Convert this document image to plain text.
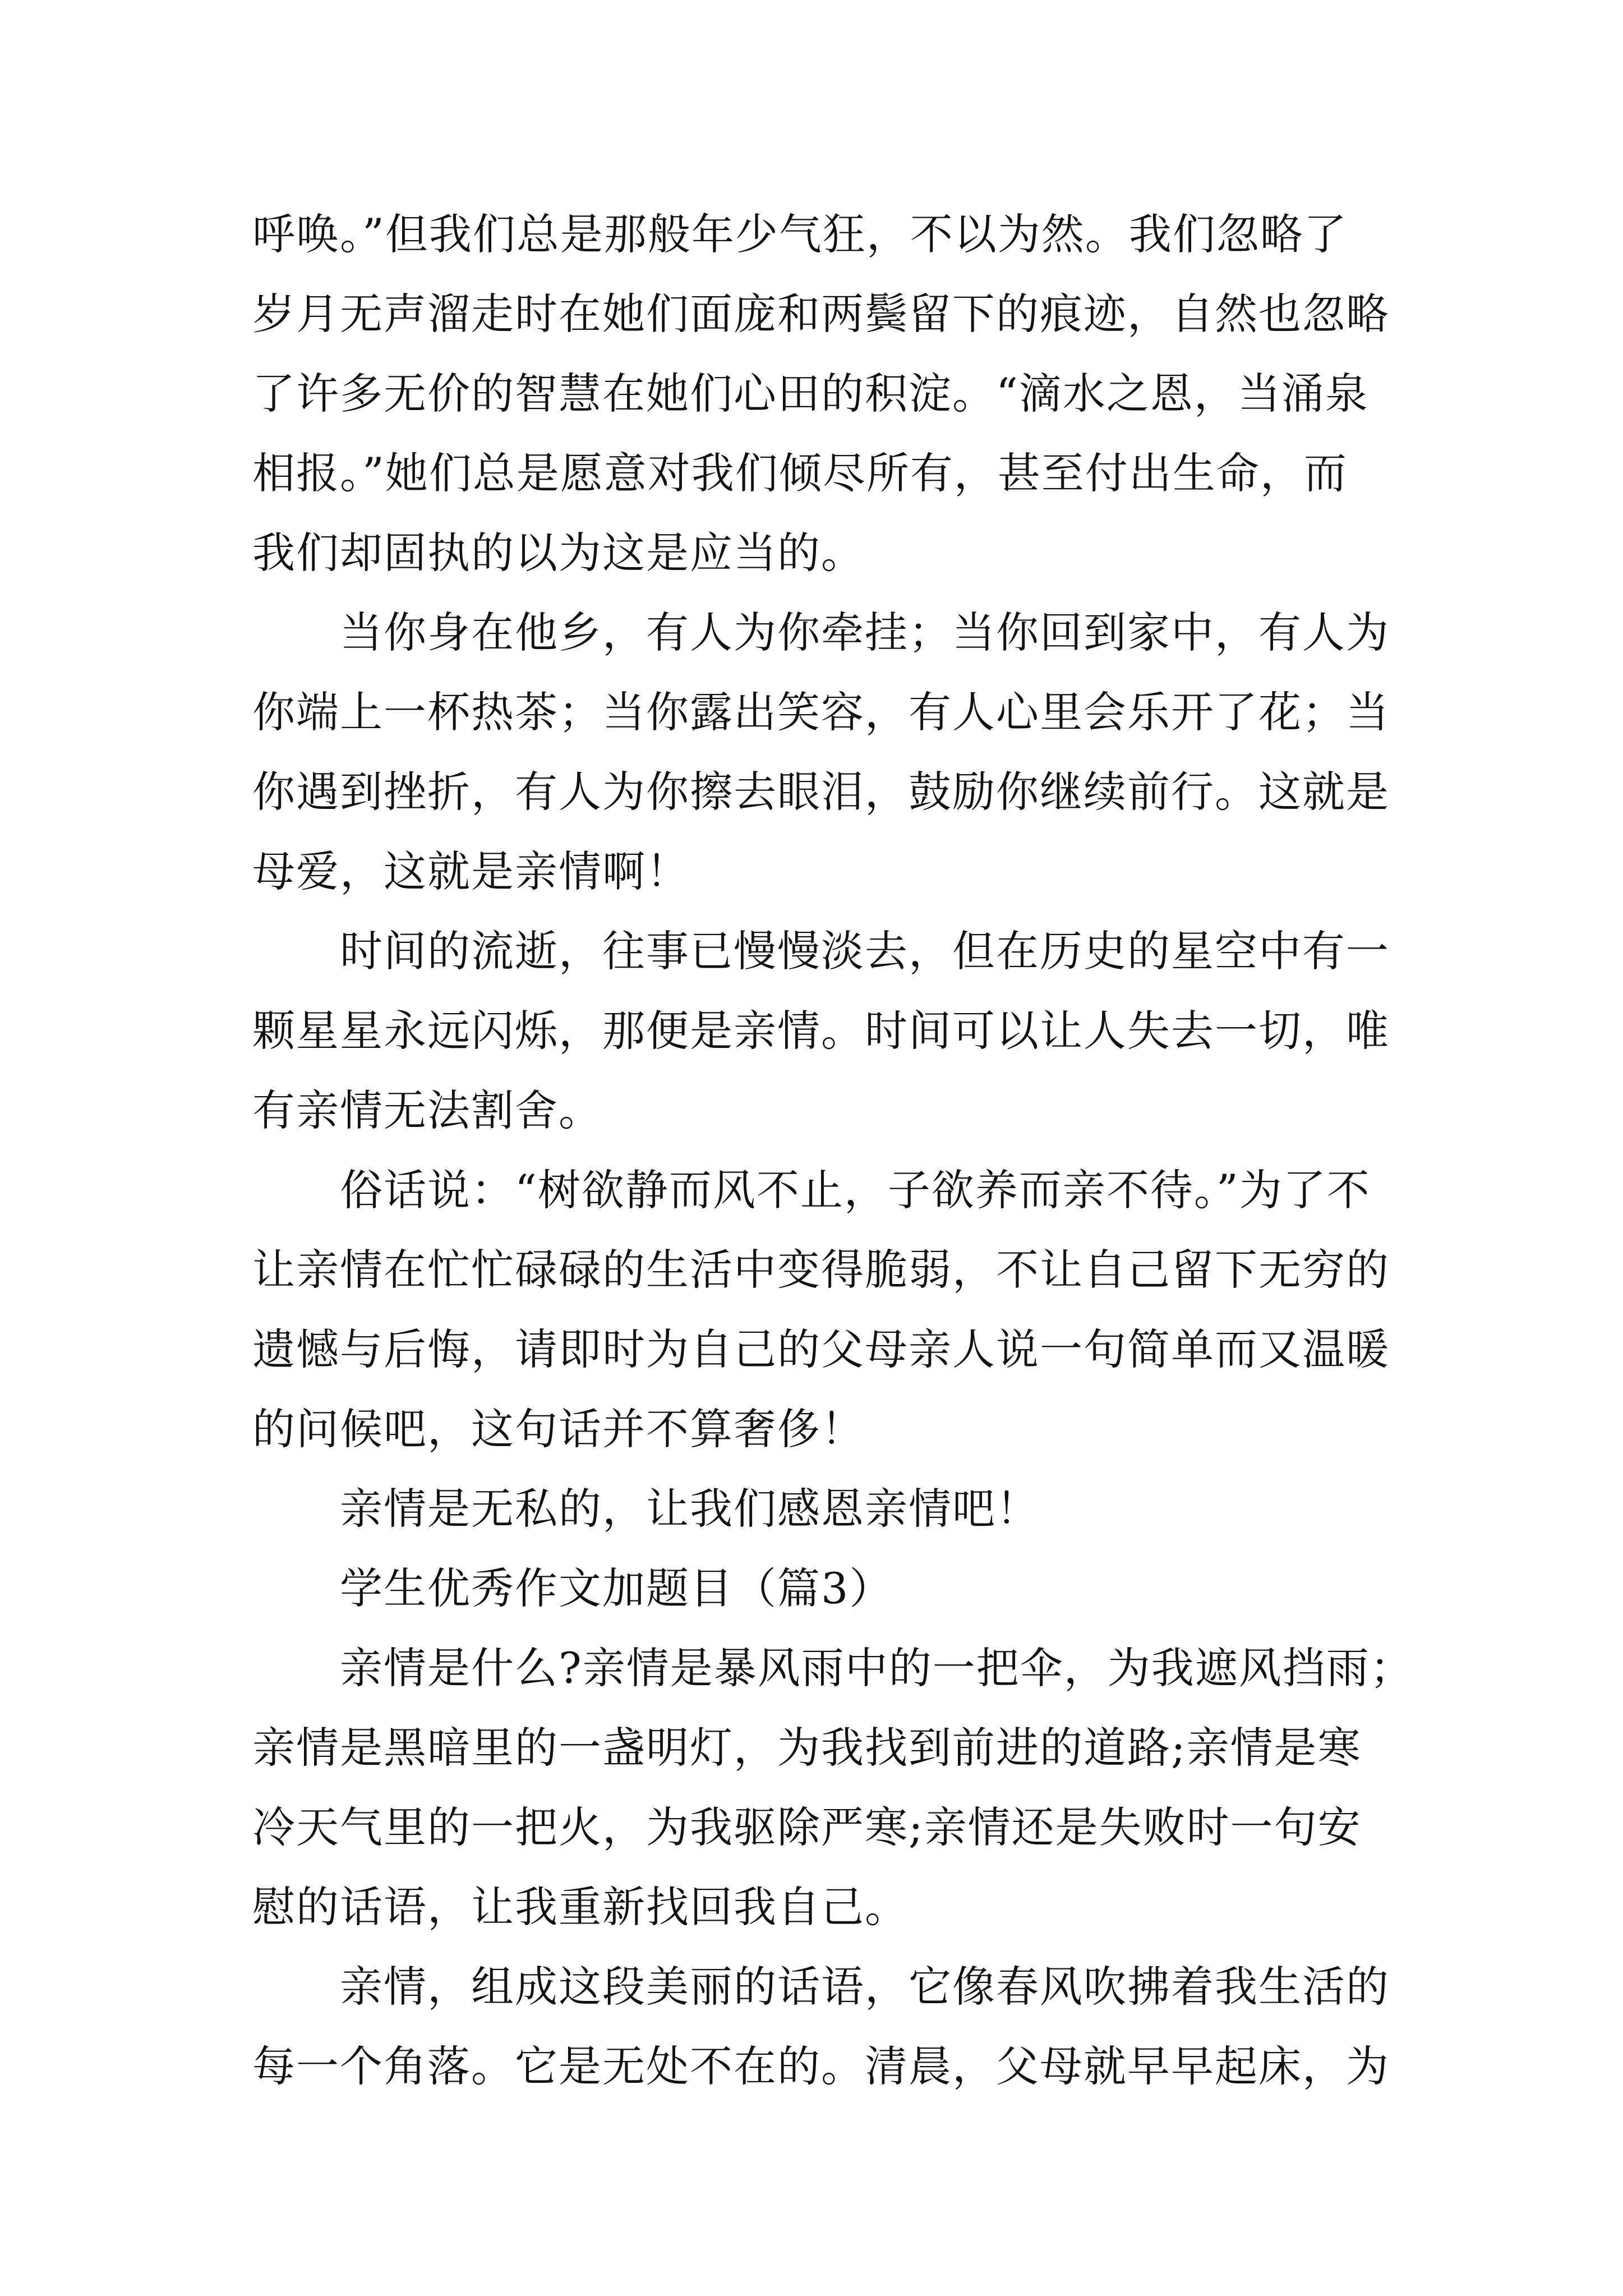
呼唤。”但我们总是那般年少气狂，不以为然。我们忽略了
岁月无声溜走时在她们面庞和两鬓留下的痕迹，自然也忽略
了许多无价的智慧在她们心田的积淀。“滴水之恩，当涌泉
相报。”她们总是愿意对我们倾尽所有，甚至付出生命，而
我们却固执的以为这是应当的。
当你身在他乡，有人为你牵挂；当你回到家中，有人为
你端上一杯热茶；当你露出笑容，有人心里会乐开了花；当
你遇到挫折，有人为你擦去眼泪，鼓励你继续前行。这就是
母爱，这就是亲情啊！
时间的流逝，往事已慢慢淡去，但在历史的星空中有一
颗星星永远闪烁，那便是亲情。时间可以让人失去一切，唯
有亲情无法割舍。
俗话说：“树欲静而风不止，子欲养而亲不待。”为了不
让亲情在忙忙碌碌的生活中变得脆弱，不让自己留下无穷的
遗憾与后悔，请即时为自己的父母亲人说一句简单而又温暖
的问候吧，这句话并不算奢侈！
亲情是无私的，让我们感恩亲情吧！
学生优秀作文加题目（篇3）
亲情是什么?亲情是暴风雨中的一把伞，为我遮风挡雨；
亲情是黑暗里的一盏明灯，为我找到前进的道路;亲情是寒
冷天气里的一把火，为我驱除严寒;亲情还是失败时一句安
慰的话语，让我重新找回我自己。
亲情，组成这段美丽的话语，它像春风吹拂着我生活的
每一个角落。它是无处不在的。清晨，父母就早早起床，为
